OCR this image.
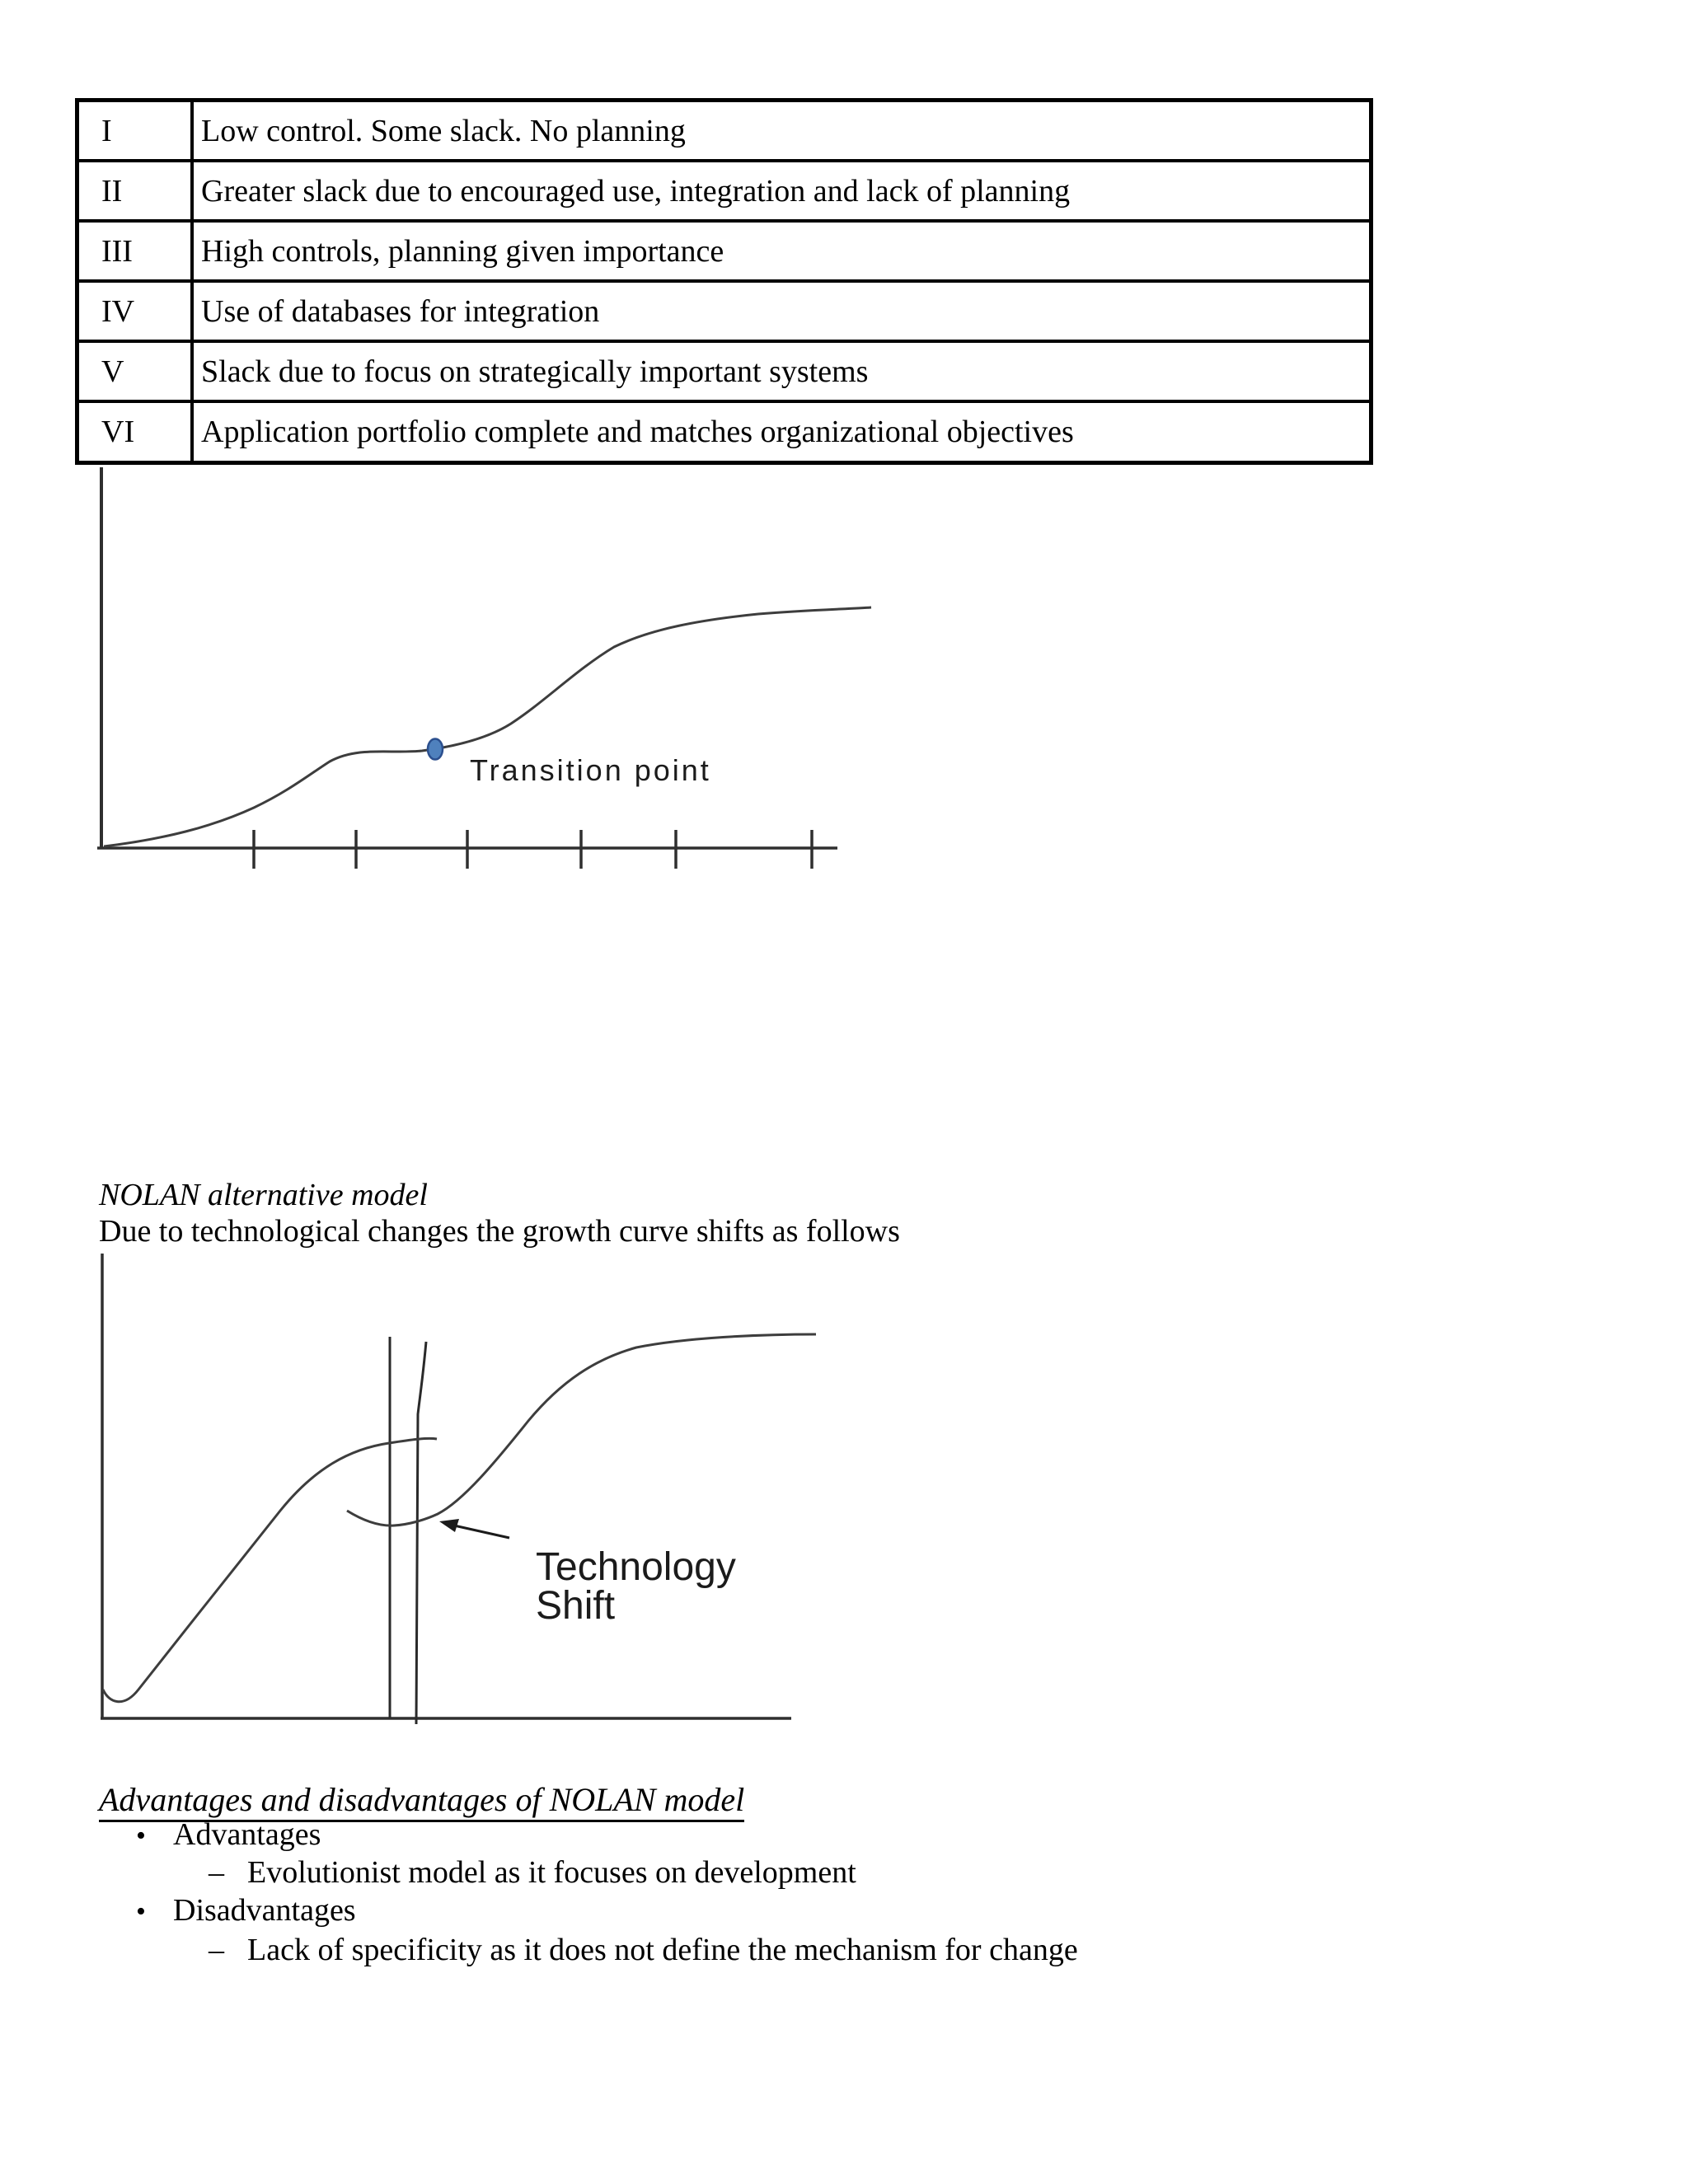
I	Low control. Some slack. No planning
II	Greater slack due to encouraged use, integration and lack of planning
III	High controls, planning given importance
IV	Use of databases for integration
V	Slack due to focus on strategically important systems
VI	Application portfolio complete and matches organizational objectives
Transition point
NOLAN alternative model
Due to technological changes the growth curve shifts as follows
Technology
Shift
Advantages and disadvantages of NOLAN model
• Advantages
– Evolutionist model as it focuses on development
• Disadvantages
– Lack of specificity as it does not define the mechanism for change
